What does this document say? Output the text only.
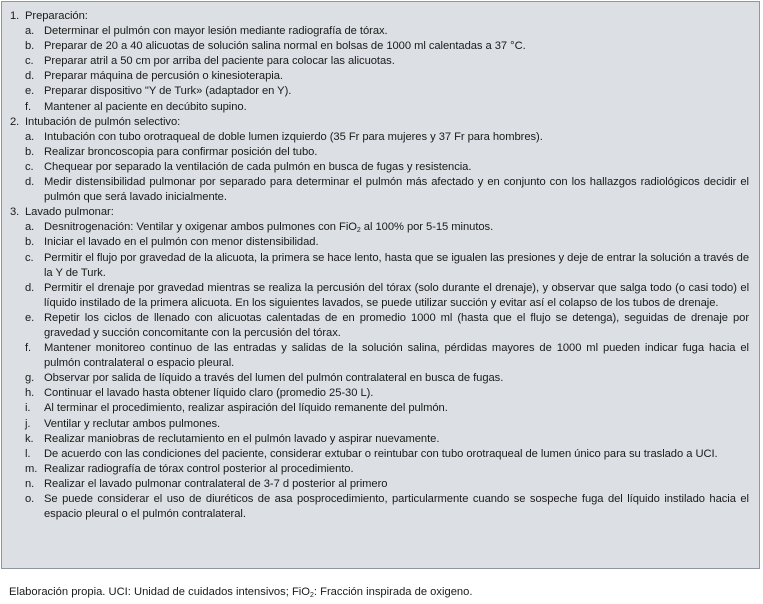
1. Preparación:
a. Determinar el pulmón con mayor lesión mediante radiografía de tórax.
b. Preparar de 20 a 40 alicuotas de solución salina normal en bolsas de 1000 ml calentadas a 37 °C.
c. Preparar atril a 50 cm por arriba del paciente para colocar las alicuotas.
d. Preparar máquina de percusión o kinesioterapia.
e. Preparar dispositivo "Y de Turk» (adaptador en Y).
f.	Mantener al paciente en decúbito supino.
2. Intubación de pulmón selectivo:
a. Intubación con tubo orotraqueal de doble lumen izquierdo (35 Fr para mujeres y 37 Fr para hombres).
b. Realizar broncoscopia para confirmar posición del tubo.
c. Chequear por separado la ventilación de cada pulmón en busca de fugas y resistencia.
d. Medir distensibilidad pulmonar por separado para determinar el pulmón más afectado y en conjunto con los hallazgos radiológicos decidir el pulmón que será lavado inicialmente.
3. Lavado pulmonar:
a. Desnitrogenación: Ventilar y oxigenar ambos pulmones con FiO$_2$ al 100% por 5-15 minutos.
b. Iniciar el lavado en el pulmón con menor distensibilidad.
c. Permitir el flujo por gravedad de la alicuota, la primera se hace lento, hasta que se igualen las presiones y deje de entrar la solución a través de la Y de Turk.
d. Permitir el drenaje por gravedad mientras se realiza la percusión del tórax (solo durante el drenaje), y observar que salga todo (o casi todo) el líquido instilado de la primera alicuota. En los siguientes lavados, se puede utilizar succión y evitar así el colapso de los tubos de drenaje.
e. Repetir los ciclos de llenado con alicuotas calentadas de en promedio 1000 ml (hasta que el flujo se detenga), seguidas de drenaje por gravedad y succión concomitante con la percusión del tórax.
f.	Mantener monitoreo continuo de las entradas y salidas de la solución salina, pérdidas mayores de 1000 ml pueden indicar fuga hacia el pulmón contralateral o espacio pleural.
g. Observar por salida de líquido a través del lumen del pulmón contralateral en busca de fugas.
h. Continuar el lavado hasta obtener líquido claro (promedio 25-30 L).
i.	Al terminar el procedimiento, realizar aspiración del líquido remanente del pulmón.
j.	Ventilar y reclutar ambos pulmones.
k. Realizar maniobras de reclutamiento en el pulmón lavado y aspirar nuevamente.
l.	De acuerdo con las condiciones del paciente, considerar extubar o reintubar con tubo orotraqueal de lumen único para su traslado a UCI.
m. Realizar radiografía de tórax control posterior al procedimiento.
n. Realizar el lavado pulmonar contralateral de 3-7 d posterior al primero
o. Se puede considerar el uso de diuréticos de asa posprocedimiento, particularmente cuando se sospeche fuga del líquido instilado hacia el espacio pleural o el pulmón contralateral.
Elaboración propia. UCI: Unidad de cuidados intensivos; FiO$_2$: Fracción inspirada de oxigeno.
